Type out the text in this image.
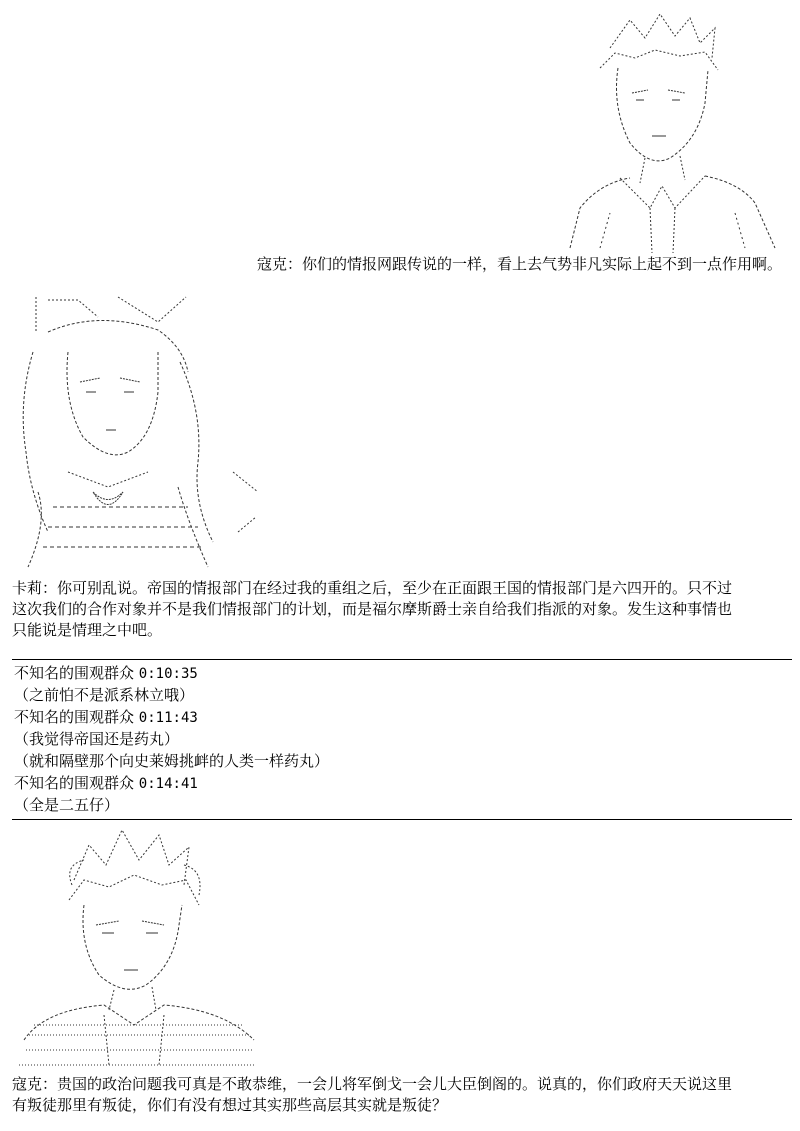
寇克：你们的情报网跟传说的一样，看上去气势非凡实际上起不到一点作用啊。
卡莉：你可别乱说。帝国的情报部门在经过我的重组之后，至少在正面跟王国的情报部门是六四开的。只不过
这次我们的合作对象并不是我们情报部门的计划，而是福尔摩斯爵士亲自给我们指派的对象。发生这种事情也
只能说是情理之中吧。
不知名的围观群众 0:10:35
（之前怕不是派系林立哦）
不知名的围观群众 0:11:43
（我觉得帝国还是药丸）
（就和隔壁那个向史莱姆挑衅的人类一样药丸）
不知名的围观群众 0:14:41
（全是二五仔）
寇克：贵国的政治问题我可真是不敢恭维，一会儿将军倒戈一会儿大臣倒阁的。说真的，你们政府天天说这里
有叛徒那里有叛徒，你们有没有想过其实那些高层其实就是叛徒？
